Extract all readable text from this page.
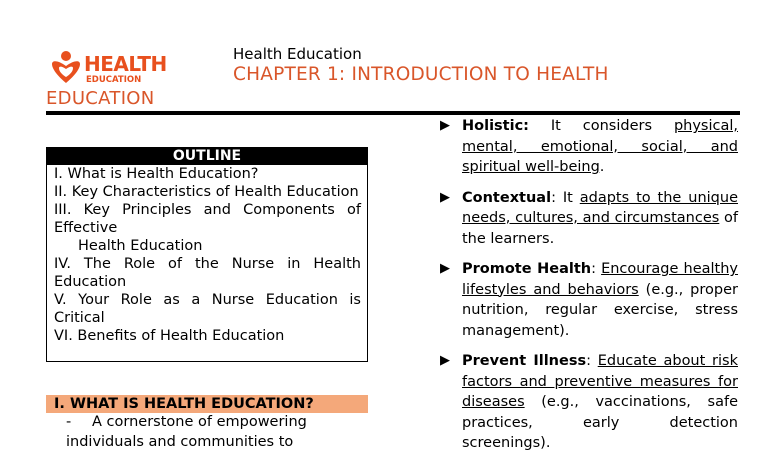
HEALTH
EDUCATION
EDUCATION
Health Education
CHAPTER 1: INTRODUCTION TO HEALTH
OUTLINE
I. What is Health Education?
II. Key Characteristics of Health Education
III. Key Principles and Components of Effective
Health Education
IV. The Role of the Nurse in Health Education
V. Your Role as a Nurse Education is Critical
VI. Benefits of Health Education
I. WHAT IS HEALTH EDUCATION?
- A cornerstone of empowering individuals and communities to
▶ Holistic: It considers physical, mental, emotional, social, and spiritual well-being.
▶ Contextual: It adapts to the unique needs, cultures, and circumstances of the learners.
▶ Promote Health: Encourage healthy lifestyles and behaviors (e.g., proper nutrition, regular exercise, stress management).
▶ Prevent Illness: Educate about risk factors and preventive measures for diseases (e.g., vaccinations, safe practices, early detection screenings).
